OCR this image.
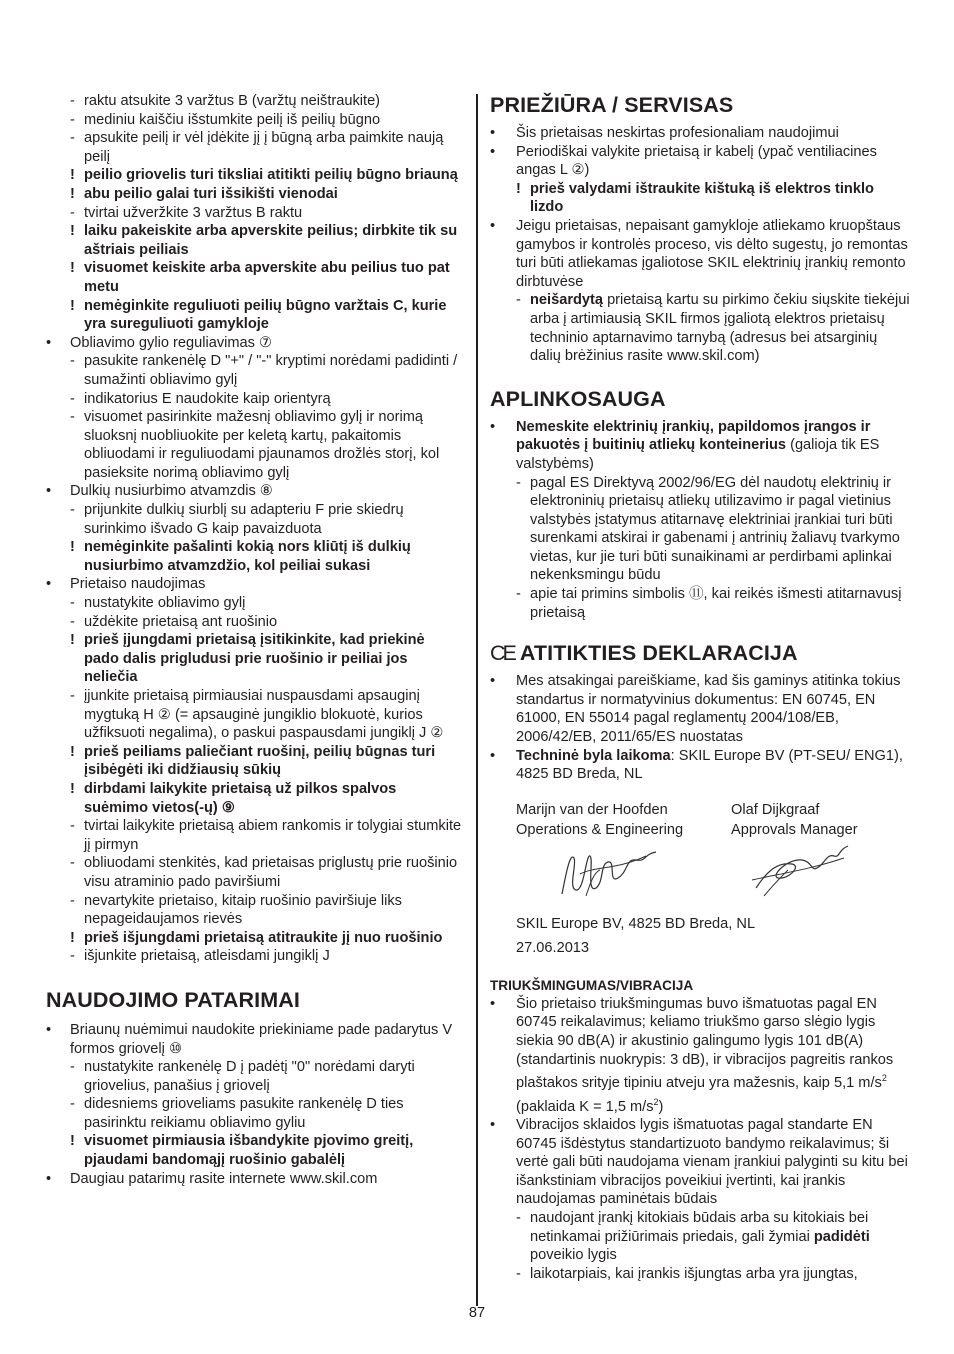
- raktu atsukite 3 varžtus B (varžtų neištraukite)
- mediniu kaiščiu išstumkite peilį iš peilių būgno
- apsukite peilį ir vėl įdėkite jį į būgną arba paimkite naują peilį
! peilio griovelis turi tiksliai atitikti peilių būgno briauną
! abu peilio galai turi išsikišti vienodai
- tvirtai užveržkite 3 varžtus B raktu
! laiku pakeiskite arba apverskite peilius; dirbkite tik su aštriais peiliais
! visuomet keiskite arba apverskite abu peilius tuo pat metu
! nemėginkite reguliuoti peilių būgno varžtais C, kurie yra sureguliuoti gamykloje
• Obliavimo gylio reguliavimas ⑦
- pasukite rankenėlę D "+" / "-" kryptimi norėdami padidinti / sumažinti obliavimo gylį
- indikatorius E naudokite kaip orientyrą
- visuomet pasirinkite mažesnį obliavimo gylį ir norimą sluoksnį nuobliuokite per keletą kartų, pakaitomis obliuodami ir reguliuodami pjaunamos drožlės storį, kol pasieksite norimą obliavimo gylį
• Dulkių nusiurbimo atvamzdis ⑧
- prijunkite dulkių siurblį su adapteriu F prie skiedrų surinkimo išvado G kaip pavaizduota
! nemėginkite pašalinti kokią nors kliūtį iš dulkių nusiurbimo atvamzdžio, kol peiliai sukasi
• Prietaiso naudojimas
- nustatykite obliavimo gylį
- uždėkite prietaisą ant ruošinio
! prieš įjungdami prietaisą įsitikinkite, kad priekinė pado dalis prigludusi prie ruošinio ir peiliai jos neliečia
- įjunkite prietaisą pirmiausiai nuspausdami apsauginį mygtuką H ② (= apsauginė jungiklio blokuotė, kurios užfiksuoti negalima), o paskui paspausdami jungiklį J ②
! prieš peiliams paliečiant ruošinį, peilių būgnas turi įsibėgėti iki didžiausių sūkių
! dirbdami laikykite prietaisą už pilkos spalvos suėmimo vietos(-ų) ⑨
- tvirtai laikykite prietaisą abiem rankomis ir tolygiai stumkite jį pirmyn
- obliuodami stenkitės, kad prietaisas priglustų prie ruošinio visu atraminio pado paviršiumi
- nevartykite prietaiso, kitaip ruošinio paviršiuje liks nepageidaujamos rievės
! prieš išjungdami prietaisą atitraukite jį nuo ruošinio
- išjunkite prietaisą, atleisdami jungiklį J
NAUDOJIMO PATARIMAI
• Briaunų nuėmimui naudokite priekiniame pade padarytus V formos griovelį ⑩
- nustatykite rankenėlę D į padėtį "0" norėdami daryti griovelius, panašius į griovelį
- didesniems grioveliams pasukite rankenėlę D ties pasirinktu reikiamu obliavimo gyliu
! visuomet pirmiausia išbandykite pjovimo greitį, pjaudami bandomąjį ruošinio gabalėlį
• Daugiau patarimų rasite internete www.skil.com
PRIEŽIŪRA / SERVISAS
• Šis prietaisas neskirtas profesionaliam naudojimui
• Periodiškai valykite prietaisą ir kabelį (ypač ventiliacines angas L ②)
! prieš valydami ištraukite kištuką iš elektros tinklo lizdo
• Jeigu prietaisas, nepaisant gamykloje atliekamo kruopštaus gamybos ir kontrolės proceso, vis dėlto sugestų, jo remontas turi būti atliekamas įgaliotose SKIL elektrinių įrankių remonto dirbtuvėse
- neišardytą prietaisą kartu su pirkimo čekiu siųskite tiekėjui arba į artimiausią SKIL firmos įgaliotą elektros prietaisų techninio aptarnavimo tarnybą (adresus bei atsarginių dalių brėžinius rasite www.skil.com)
APLINKOSAUGA
• Nemeskite elektrinių įrankių, papildomos įrangos ir pakuotės į buitinių atliekų konteinerius (galioja tik ES valstybėms)
- pagal ES Direktyvą 2002/96/EG dėl naudotų elektrinių ir elektroninių prietaisų atliekų utilizavimo ir pagal vietinius valstybės įstatymus atitarnavę elektriniai įrankiai turi būti surenkami atskirai ir gabenami į antrinių žaliavų tvarkymo vietas, kur jie turi būti sunaikinami ar perdirbami aplinkai nekenksmingu būdu
- apie tai primins simbolis ⑪, kai reikės išmesti atitarnavusį prietaisą
CE ATITIKTIES DEKLARACIJA
• Mes atsakingai pareiškiame, kad šis gaminys atitinka tokius standartus ir normatyvinius dokumentus: EN 60745, EN 61000, EN 55014 pagal reglamentų 2004/108/EB, 2006/42/EB, 2011/65/ES nuostatas
• Techninė byla laikoma: SKIL Europe BV (PT-SEU/ ENG1), 4825 BD Breda, NL
Marijn van der Hoofden
Operations & Engineering
Olaf Dijkgraaf
Approvals Manager
SKIL Europe BV, 4825 BD Breda, NL
27.06.2013
TRIUKŠMINGUMAS/VIBRACIJA
• Šio prietaiso triukšmingumas buvo išmatuotas pagal EN 60745 reikalavimus; keliamo triukšmo garso slėgio lygis siekia 90 dB(A) ir akustinio galingumo lygis 101 dB(A) (standartinis nuokrypis: 3 dB), ir vibracijos pagreitis rankos plaštakos srityje tipiniu atveju yra mažesnis, kaip 5,1 $m/s^2$ (paklaida K = 1,5 $m/s^2$)
• Vibracijos sklaidos lygis išmatuotas pagal standarte EN 60745 išdėstytus standartizuoto bandymo reikalavimus; ši vertė gali būti naudojama vienam įrankiui palyginti su kitu bei išankstiniam vibracijos poveikiui įvertinti, kai įrankis naudojamas paminėtais būdais
- naudojant įrankį kitokiais būdais arba su kitokiais bei netinkamai prižiūrimais priedais, gali žymiai padidėti poveikio lygis
- laikotarpiais, kai įrankis išjungtas arba yra įjungtas,
87
